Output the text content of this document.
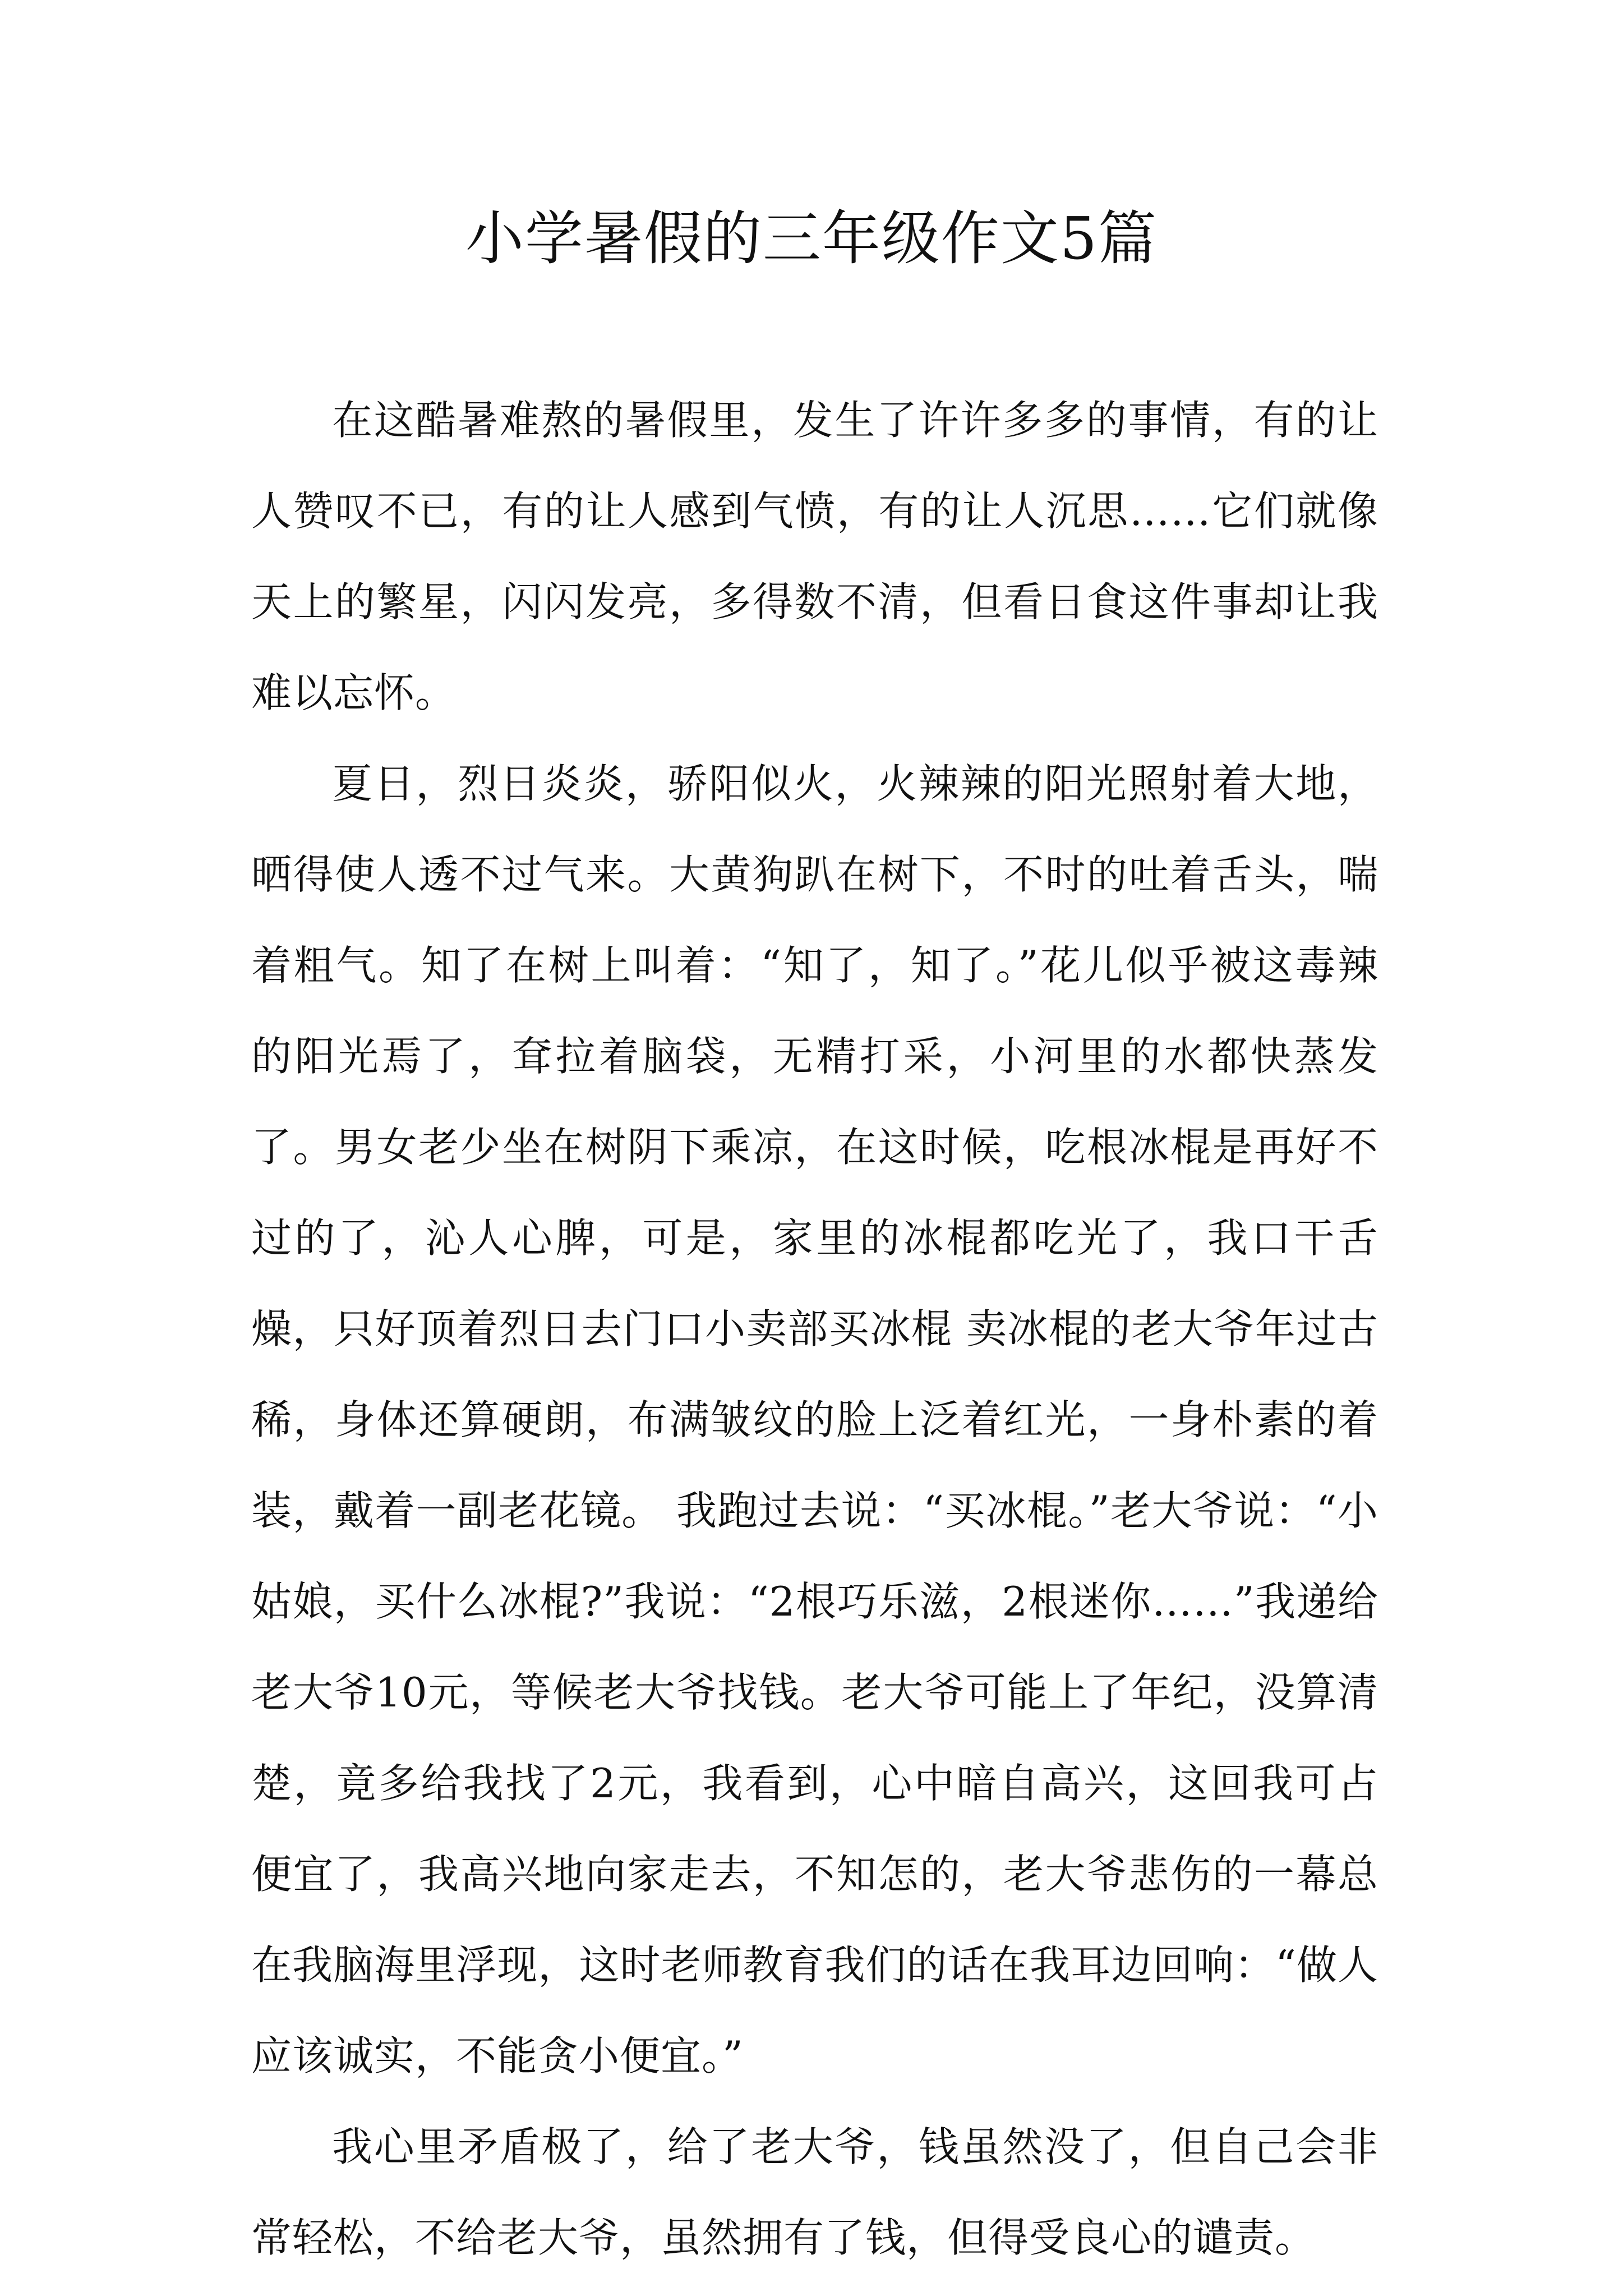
小学暑假的三年级作文5篇

在这酷暑难熬的暑假里，发生了许许多多的事情，有的让人赞叹不已，有的让人感到气愤，有的让人沉思……它们就像天上的繁星，闪闪发亮，多得数不清，但看日食这件事却让我难以忘怀。

夏日，烈日炎炎，骄阳似火，火辣辣的阳光照射着大地，晒得使人透不过气来。大黄狗趴在树下，不时的吐着舌头，喘着粗气。知了在树上叫着：“知了，知了。”花儿似乎被这毒辣的阳光焉了，耷拉着脑袋，无精打采，小河里的水都快蒸发了。男女老少坐在树阴下乘凉，在这时候，吃根冰棍是再好不过的了，沁人心脾，可是，家里的冰棍都吃光了，我口干舌燥，只好顶着烈日去门口小卖部买冰棍 卖冰棍的老大爷年过古稀，身体还算硬朗，布满皱纹的脸上泛着红光，一身朴素的着装，戴着一副老花镜。 我跑过去说：“买冰棍。”老大爷说：“小姑娘，买什么冰棍?”我说：“2根巧乐滋，2根迷你……”我递给老大爷10元，等候老大爷找钱。老大爷可能上了年纪，没算清楚，竟多给我找了2元，我看到，心中暗自高兴，这回我可占便宜了，我高兴地向家走去，不知怎的，老大爷悲伤的一幕总在我脑海里浮现，这时老师教育我们的话在我耳边回响：“做人应该诚实，不能贪小便宜。”

我心里矛盾极了，给了老大爷，钱虽然没了，但自己会非常轻松，不给老大爷，虽然拥有了钱，但得受良心的谴责。
